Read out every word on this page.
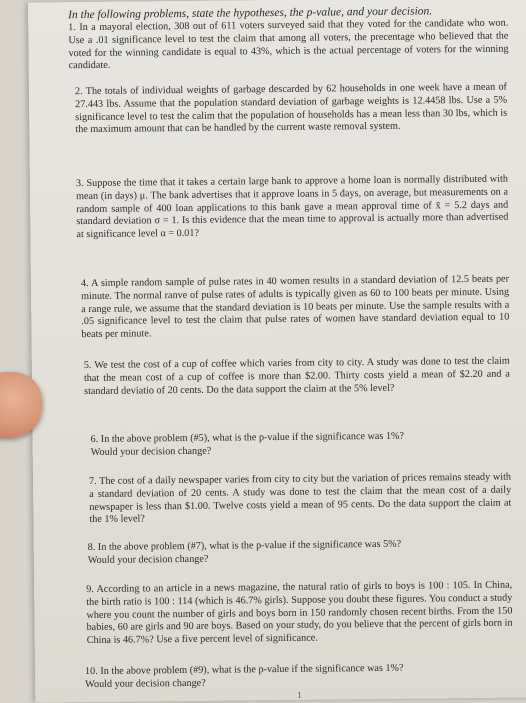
In the following problems, state the hypotheses, the p-value, and your decision.

1. In a mayoral election, 308 out of 611 voters surveyed said that they voted for the candidate who won. Use a .01 significance level to test the claim that among all voters, the precentage who believed that the voted for the winning candidate is equal to 43%, which is the actual percentage of voters for the winning candidate.

2. The totals of individual weights of garbage descarded by 62 households in one week have a mean of 27.443 lbs. Assume that the population standard deviation of garbage weights is 12.4458 lbs. Use a 5% significance level to test the calim that the population of households has a mean less than 30 lbs, which is the maximum amount that can be handled by the current waste removal system.

3. Suppose the time that it takes a certain large bank to approve a home loan is normally distributed with mean (in days) μ. The bank advertises that it approve loans in 5 days, on average, but measurements on a random sample of 400 loan applications to this bank gave a mean approval time of x̄ = 5.2 days and standard deviation σ = 1. Is this evidence that the mean time to approval is actually more than advertised at significance level α = 0.01?

4. A simple random sample of pulse rates in 40 women results in a standard deviation of 12.5 beats per minute. The normal ranve of pulse rates of adults is typically given as 60 to 100 beats per minute. Using a range rule, we assume that the standard deviation is 10 beats per minute. Use the sample results with a .05 significance level to test the claim that pulse rates of women have standard deviation equal to 10 beats per minute.

5. We test the cost of a cup of coffee which varies from city to city. A study was done to test the claim that the mean cost of a cup of coffee is more than $2.00. Thirty costs yield a mean of $2.20 and a standard deviatio of 20 cents. Do the data support the claim at the 5% level?

6. In the above problem (#5), what is the p-value if the significance was 1%?
Would your decision change?

7. The cost of a daily newspaper varies from city to city but the variation of prices remains steady with a standard deviation of 20 cents. A study was done to test the claim that the mean cost of a daily newspaper is less than $1.00. Twelve costs yield a mean of 95 cents. Do the data support the claim at the 1% level?

8. In the above problem (#7), what is the p-value if the significance was 5%?
Would your decision change?

9. According to an article in a news magazine, the natural ratio of girls to boys is 100 : 105. In China, the birth ratio is 100 : 114 (which is 46.7% girls). Suppose you doubt these figures. You conduct a study where you count the number of girls and boys born in 150 randomly chosen recent births. From the 150 babies, 60 are girls and 90 are boys. Based on your study, do you believe that the percent of girls born in China is 46.7%? Use a five percent level of significance.

10. In the above problem (#9), what is the p-value if the significance was 1%?
Would your decision change?

1
